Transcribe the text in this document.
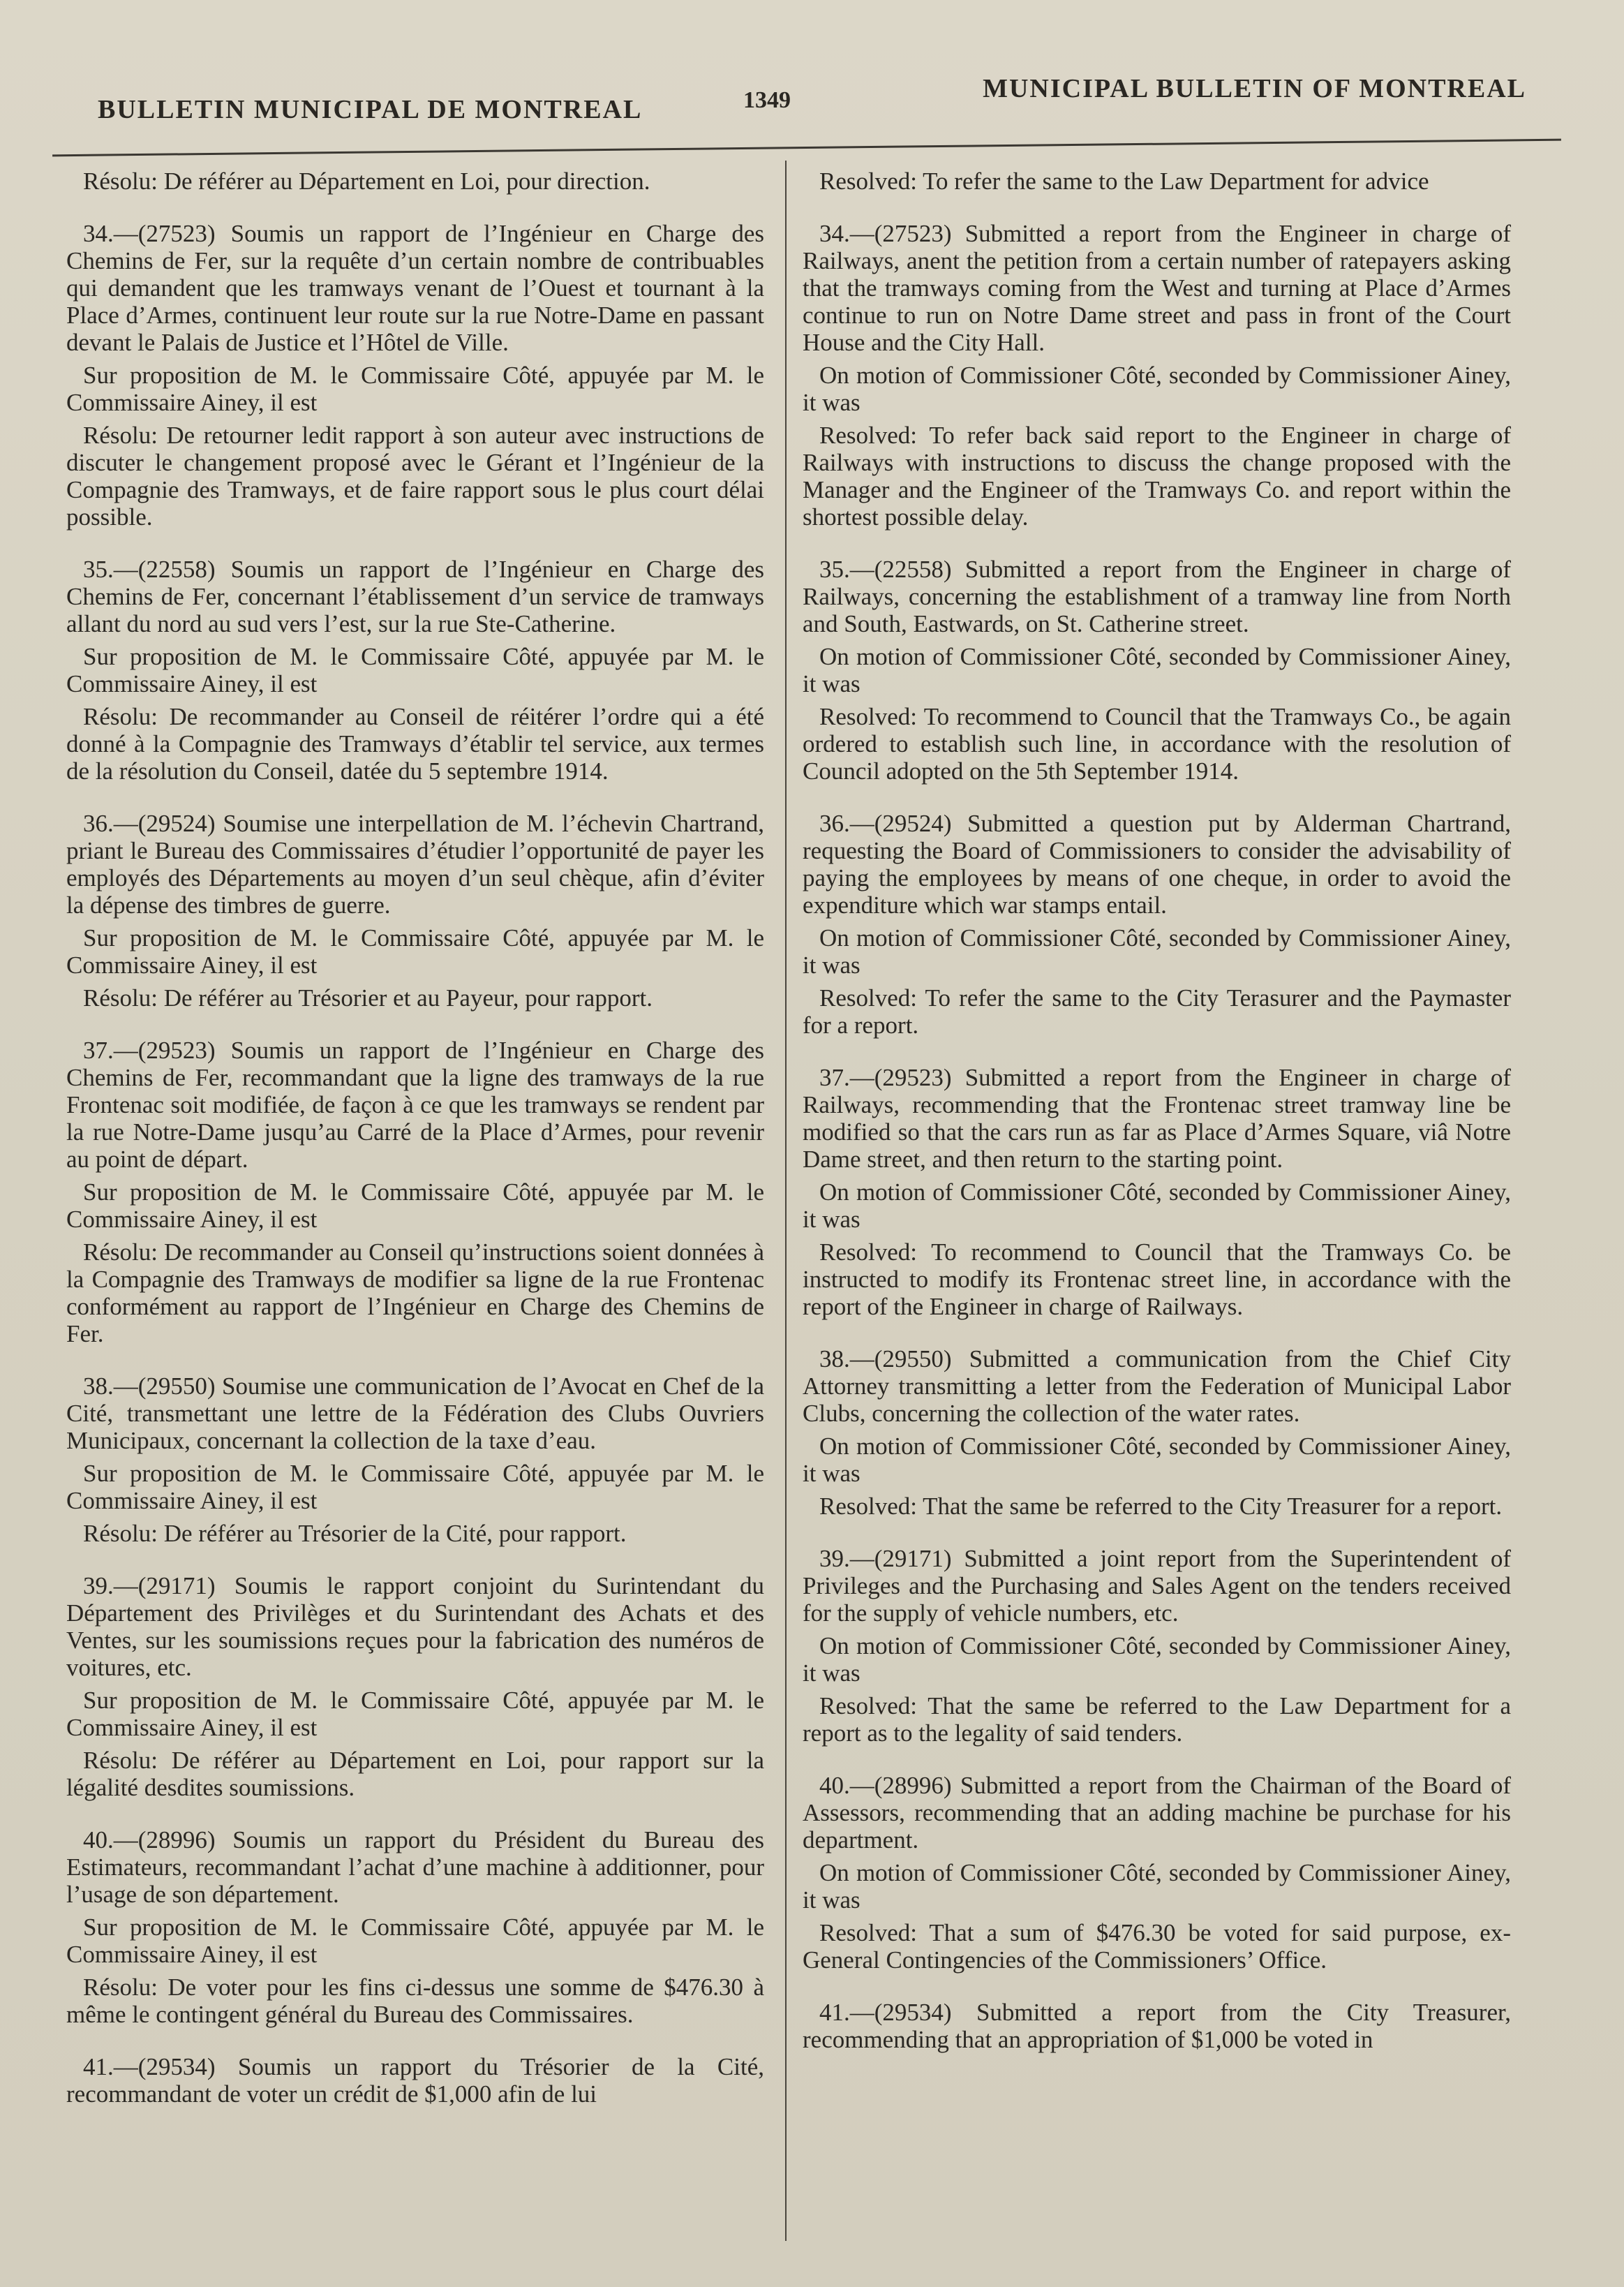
BULLETIN MUNICIPAL DE MONTREAL	1349	MUNICIPAL BULLETIN OF MONTREAL

Résolu: De référer au Département en Loi, pour direction.

34.—(27523) Soumis un rapport de l’Ingénieur en Charge des Chemins de Fer, sur la requête d’un certain nombre de contribuables qui demandent que les tramways venant de l’Ouest et tournant à la Place d’Armes, continuent leur route sur la rue Notre-Dame en passant devant le Palais de Justice et l’Hôtel de Ville.

Sur proposition de M. le Commissaire Côté, appuyée par M. le Commissaire Ainey, il est

Résolu: De retourner ledit rapport à son auteur avec instructions de discuter le changement proposé avec le Gérant et l’Ingénieur de la Compagnie des Tramways, et de faire rapport sous le plus court délai possible.

35.—(22558) Soumis un rapport de l’Ingénieur en Charge des Chemins de Fer, concernant l’établissement d’un service de tramways allant du nord au sud vers l’est, sur la rue Ste-Catherine.

Sur proposition de M. le Commissaire Côté, appuyée par M. le Commissaire Ainey, il est

Résolu: De recommander au Conseil de réitérer l’ordre qui a été donné à la Compagnie des Tramways d’établir tel service, aux termes de la résolution du Conseil, datée du 5 septembre 1914.

36.—(29524) Soumise une interpellation de M. l’échevin Chartrand, priant le Bureau des Commissaires d’étudier l’opportunité de payer les employés des Départements au moyen d’un seul chèque, afin d’éviter la dépense des timbres de guerre.

Sur proposition de M. le Commissaire Côté, appuyée par M. le Commissaire Ainey, il est

Résolu: De référer au Trésorier et au Payeur, pour rapport.

37.—(29523) Soumis un rapport de l’Ingénieur en Charge des Chemins de Fer, recommandant que la ligne des tramways de la rue Frontenac soit modifiée, de façon à ce que les tramways se rendent par la rue Notre-Dame jusqu’au Carré de la Place d’Armes, pour revenir au point de départ.

Sur proposition de M. le Commissaire Côté, appuyée par M. le Commissaire Ainey, il est

Résolu: De recommander au Conseil qu’instructions soient données à la Compagnie des Tramways de modifier sa ligne de la rue Frontenac conformément au rapport de l’Ingénieur en Charge des Chemins de Fer.

38.—(29550) Soumise une communication de l’Avocat en Chef de la Cité, transmettant une lettre de la Fédération des Clubs Ouvriers Municipaux, concernant la collection de la taxe d’eau.

Sur proposition de M. le Commissaire Côté, appuyée par M. le Commissaire Ainey, il est

Résolu: De référer au Trésorier de la Cité, pour rapport.

39.—(29171) Soumis le rapport conjoint du Surintendant du Département des Privilèges et du Surintendant des Achats et des Ventes, sur les soumissions reçues pour la fabrication des numéros de voitures, etc.

Sur proposition de M. le Commissaire Côté, appuyée par M. le Commissaire Ainey, il est

Résolu: De référer au Département en Loi, pour rapport sur la légalité desdites soumissions.

40.—(28996) Soumis un rapport du Président du Bureau des Estimateurs, recommandant l’achat d’une machine à additionner, pour l’usage de son département.

Sur proposition de M. le Commissaire Côté, appuyée par M. le Commissaire Ainey, il est

Résolu: De voter pour les fins ci-dessus une somme de $476.30 à même le contingent général du Bureau des Commissaires.

41.—(29534) Soumis un rapport du Trésorier de la Cité, recommandant de voter un crédit de $1,000 afin de lui

Resolved: To refer the same to the Law Department for advice

34.—(27523) Submitted a report from the Engineer in charge of Railways, anent the petition from a certain number of ratepayers asking that the tramways coming from the West and turning at Place d’Armes continue to run on Notre Dame street and pass in front of the Court House and the City Hall.

On motion of Commissioner Côté, seconded by Commissioner Ainey, it was

Resolved: To refer back said report to the Engineer in charge of Railways with instructions to discuss the change proposed with the Manager and the Engineer of the Tramways Co. and report within the shortest possible delay.

35.—(22558) Submitted a report from the Engineer in charge of Railways, concerning the establishment of a tramway line from North and South, Eastwards, on St. Catherine street.

On motion of Commissioner Côté, seconded by Commissioner Ainey, it was

Resolved: To recommend to Council that the Tramways Co., be again ordered to establish such line, in accordance with the resolution of Council adopted on the 5th September 1914.

36.—(29524) Submitted a question put by Alderman Chartrand, requesting the Board of Commissioners to consider the advisability of paying the employees by means of one cheque, in order to avoid the expenditure which war stamps entail.

On motion of Commissioner Côté, seconded by Commissioner Ainey, it was

Resolved: To refer the same to the City Terasurer and the Paymaster for a report.

37.—(29523) Submitted a report from the Engineer in charge of Railways, recommending that the Frontenac street tramway line be modified so that the cars run as far as Place d’Armes Square, viâ Notre Dame street, and then return to the starting point.

On motion of Commissioner Côté, seconded by Commissioner Ainey, it was

Resolved: To recommend to Council that the Tramways Co. be instructed to modify its Frontenac street line, in accordance with the report of the Engineer in charge of Railways.

38.—(29550) Submitted a communication from the Chief City Attorney transmitting a letter from the Federation of Municipal Labor Clubs, concerning the collection of the water rates.

On motion of Commissioner Côté, seconded by Commissioner Ainey, it was

Resolved: That the same be referred to the City Treasurer for a report.

39.—(29171) Submitted a joint report from the Superintendent of Privileges and the Purchasing and Sales Agent on the tenders received for the supply of vehicle numbers, etc.

On motion of Commissioner Côté, seconded by Commissioner Ainey, it was

Resolved: That the same be referred to the Law Department for a report as to the legality of said tenders.

40.—(28996) Submitted a report from the Chairman of the Board of Assessors, recommending that an adding machine be purchase for his department.

On motion of Commissioner Côté, seconded by Commissioner Ainey, it was

Resolved: That a sum of $476.30 be voted for said purpose, ex-General Contingencies of the Commissioners’ Office.

41.—(29534) Submitted a report from the City Treasurer, recommending that an appropriation of $1,000 be voted in
